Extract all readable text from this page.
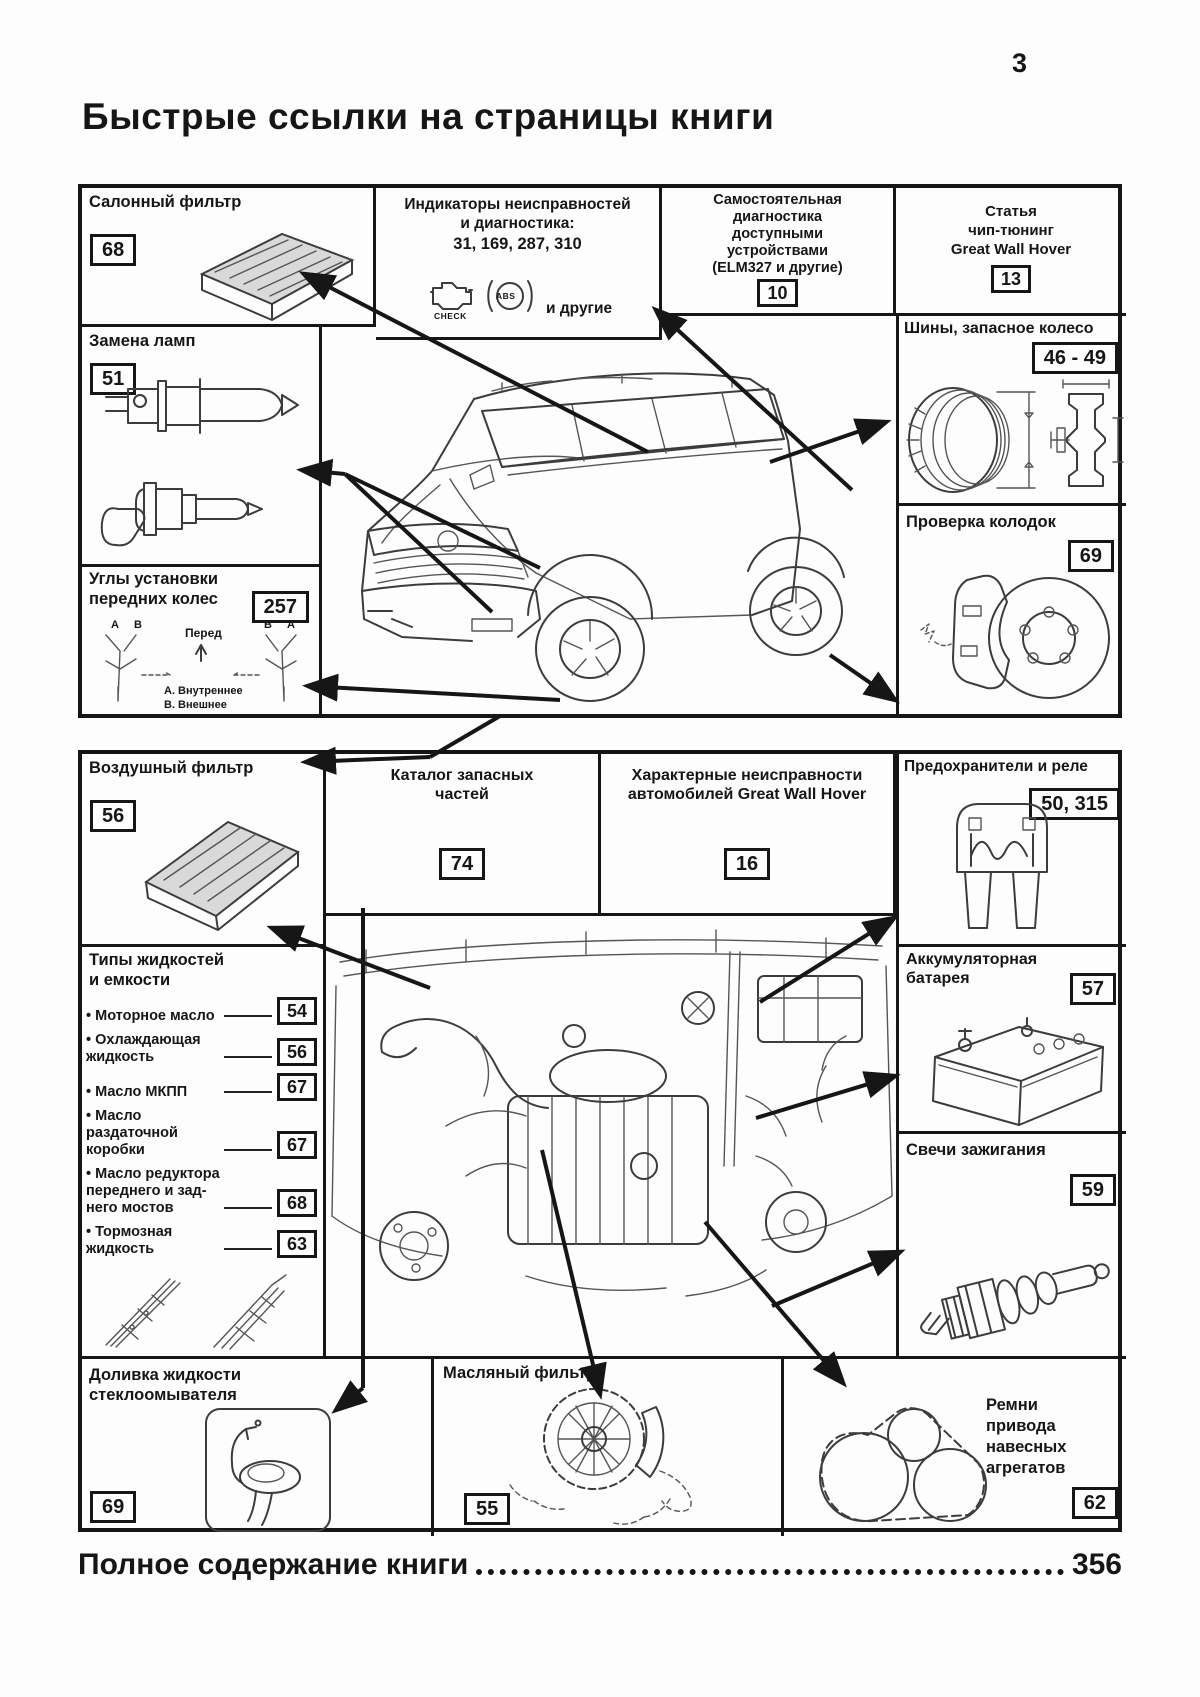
3
Быстрые ссылки на страницы книги
Салонный фильтр
68
Индикаторы неисправностей
и диагностика:
31, 169, 287, 310
CHECK
ABS
и другие
Самостоятельная
диагностика
доступными
устройствами
(ELM327 и другие)
10
Статья
чип-тюнинг
Great Wall Hover
13
Замена ламп
51
Углы установки
передних колес	257
А В	В А
Перед
А. Внутреннее
В. Внешнее
Шины, запасное колесо
46 - 49
Проверка колодок
69
Воздушный фильтр
56
Каталог запасных
частей
74
Характерные неисправности
автомобилей Great Wall Hover
16
Предохранители и реле
50, 315
Типы жидкостей
и емкости
• Моторное масло	54
• Охлаждающая жидкость	56
• Масло МКПП	67
• Масло раздаточной коробки	67
• Масло редуктора переднего и зад- него мостов	68
• Тормозная жидкость	63
Аккумуляторная
батарея	57
Свечи зажигания
59
Доливка жидкости
стеклоомывателя
69
Масляный фильтр
55
Ремни
привода
навесных
агрегатов
62
Полное содержание книги	356
